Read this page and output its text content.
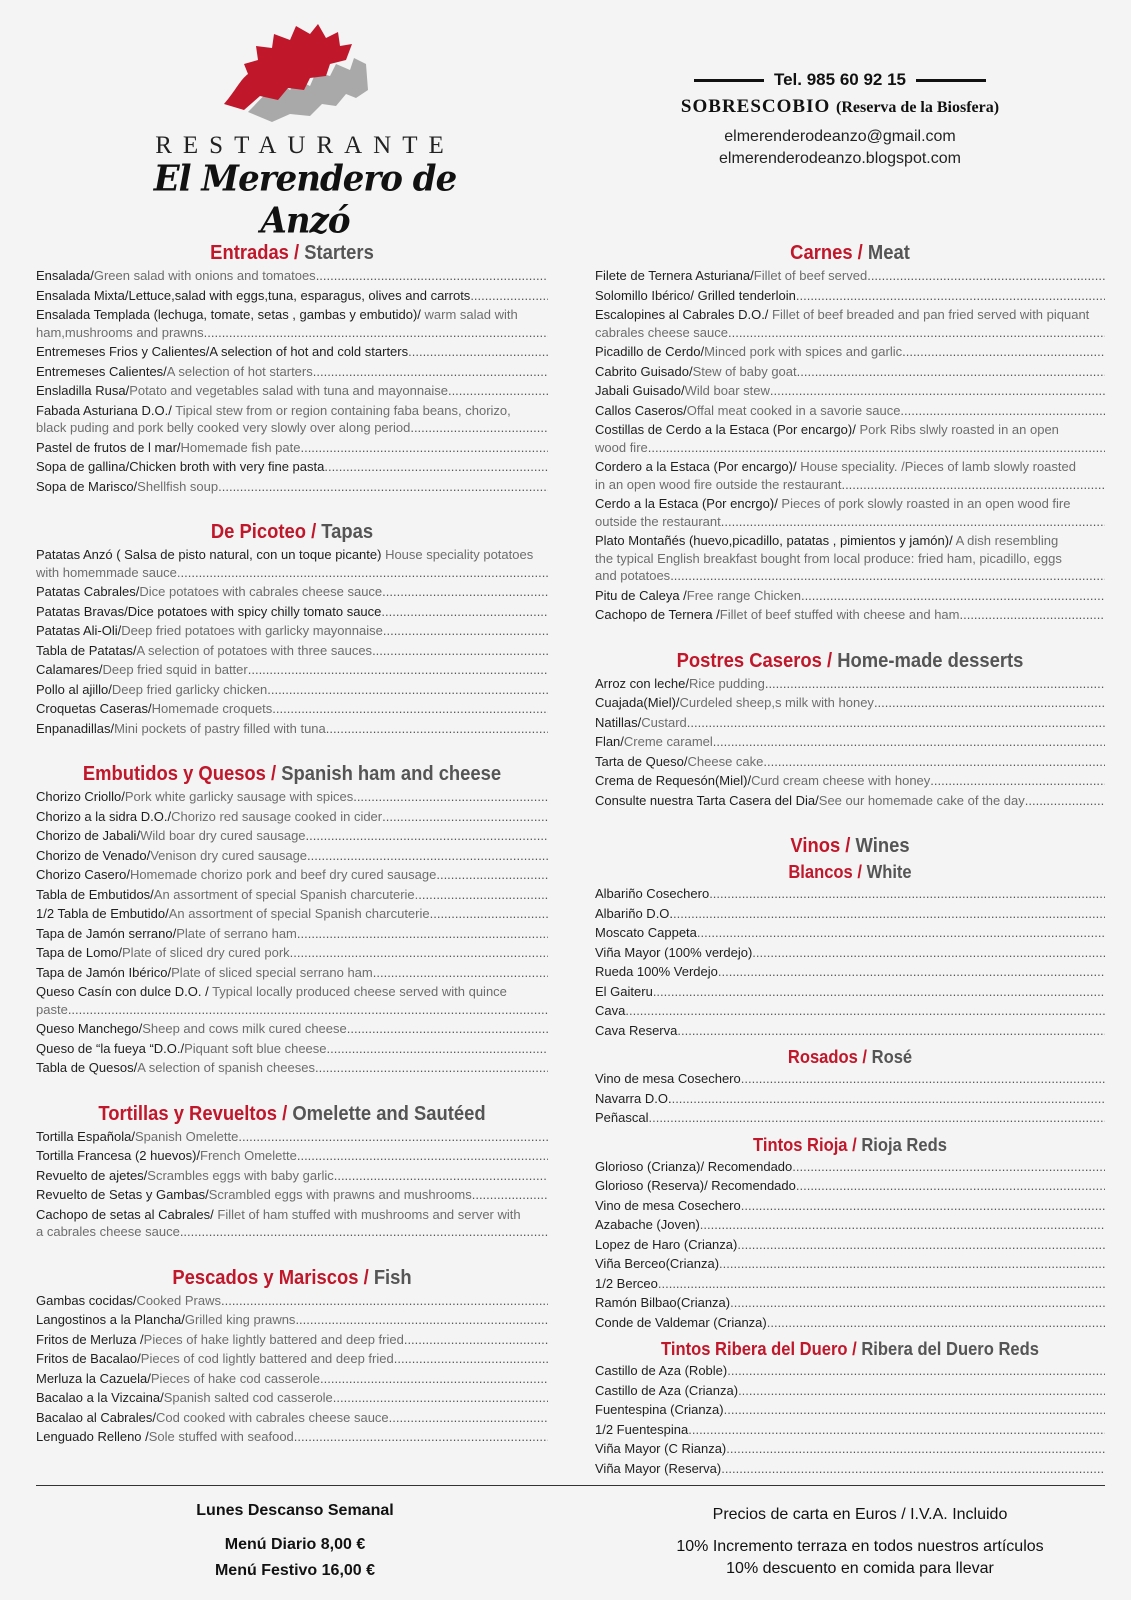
RESTAURANTE
El Merendero de Anzó
Tel. 985 60 92 15
SOBRESCOBIO (Reserva de la Biosfera)
elmerenderodeanzo@gmail.com
elmerenderodeanzo.blogspot.com
Entradas / Starters
Ensalada/ Green salad with onions and tomatoes
.....
Ensalada Mixta/Lettuce,salad with eggs,tuna, esparagus, olives and carrots
.....
Ensalada Templada (lechuga, tomate, setas , gambas y embutido)/ warm salad with
ham,mushrooms and prawns
.....
Entremeses Frios y Calientes/A selection of hot and cold starters
.....
Entremeses Calientes/ A selection of hot starters
.....
Ensladilla Rusa/ Potato and vegetables salad with tuna and mayonnaise
.....
Fabada Asturiana D.O./ Tipical stew from or region containing faba beans, chorizo,
black puding and pork belly cooked very slowly over along period
.....
Pastel de frutos de l mar/ Homemade fish pate
.....
Sopa de gallina/Chicken broth with very fine pasta
.....
Sopa de Marisco/ Shellfish soup
.....
De Picoteo / Tapas
Patatas Anzó ( Salsa de pisto natural, con un toque picante) House speciality potatoes
with homemmade sauce.
.....
Patatas Cabrales/ Dice potatoes with cabrales cheese sauce
.....
Patatas Bravas/Dice potatoes with spicy chilly tomato sauce
.....
Patatas Ali-Oli/ Deep fried potatoes with garlicky mayonnaise
.....
Tabla de Patatas/ A selection of potatoes with three sauces
.....
Calamares/ Deep fried squid in batter
.....
Pollo al ajillo/ Deep fried garlicky chicken
.....
Croquetas Caseras/ Homemade croquets
.....
Enpanadillas/ Mini pockets of pastry filled with tuna
.....
Embutidos y Quesos / Spanish ham and cheese
Chorizo Criollo/ Pork white garlicky sausage with spices
.....
Chorizo a la sidra D.O./ Chorizo red sausage cooked in cider
.....
Chorizo de Jabali/ Wild boar dry cured sausage
.....
Chorizo de Venado/ Venison dry cured sausage
.....
Chorizo Casero/ Homemade chorizo pork and beef dry cured sausage
.....
Tabla de Embutidos/ An assortment of special Spanish charcuterie.
.....
1/2 Tabla de Embutido/ An assortment of special Spanish charcuterie
.....
Tapa de Jamón serrano/ Plate of serrano ham
.....
Tapa de Lomo/ Plate of sliced dry cured pork
.....
Tapa de Jamón Ibérico/ Plate of sliced special serrano ham
.....
Queso Casín con dulce D.O. / Typical locally produced cheese served with quince
paste
.....
Queso Manchego/ Sheep and cows milk cured cheese
.....
Queso de “la fueya “D.O./ Piquant soft blue cheese
.....
Tabla de Quesos/ A selection of spanish cheeses
.....
Tortillas y Revueltos / Omelette and Sautéed
Tortilla Española/ Spanish Omelette
.....
Tortilla Francesa (2 huevos)/ French Omelette
.....
Revuelto de ajetes/ Scrambles eggs with baby garlic
.....
Revuelto de Setas y Gambas/ Scrambled eggs with prawns and mushrooms
.....
Cachopo de setas al Cabrales/ Fillet of ham stuffed with mushrooms and server with
a cabrales cheese sauce
.....
Pescados y Mariscos / Fish
Gambas cocidas/ Cooked Praws
.....
Langostinos a la Plancha/ Grilled king prawns
.....
Fritos de Merluza / Pieces of hake lightly battered and deep fried
.....
Fritos de Bacalao/ Pieces of cod lightly battered and deep fried
.....
Merluza la Cazuela/ Pieces of hake cod casserole
.....
Bacalao a la Vizcaina/ Spanish salted cod casserole
.....
Bacalao al Cabrales/ Cod cooked with cabrales cheese sauce
.....
Lenguado Relleno / Sole stuffed with seafood
.....
Carnes / Meat
Filete de Ternera Asturiana/ Fillet of beef served
.....
Solomillo Ibérico/ Grilled tenderloin
.....
Escalopines al Cabrales D.O./ Fillet of beef breaded and pan fried served with piquant
cabrales cheese sauce
.....
Picadillo de Cerdo/ Minced pork with spices and garlic
.....
Cabrito Guisado/ Stew of baby goat
.....
Jabali Guisado/ Wild boar stew
.....
Callos Caseros/ Offal meat cooked in a savorie sauce
.....
Costillas de Cerdo a la Estaca (Por encargo)/ Pork Ribs slwly roasted in an open
wood fire
.....
Cordero a la Estaca (Por encargo)/ House speciality. /Pieces of lamb slowly roasted
in an open wood fire outside the restaurant
.....
Cerdo a la Estaca (Por encrgo)/ Pieces of pork slowly roasted in an open wood fire
outside the restaurant
.....
Plato Montañés (huevo,picadillo, patatas , pimientos y jamón)/ A dish resembling
the typical English breakfast bought from local produce: fried ham, picadillo, eggs
and potatoes
.....
Pitu de Caleya / Free range Chicken
.....
Cachopo de Ternera / Fillet of beef stuffed with cheese and ham
.....
Postres Caseros / Home-made desserts
Arroz con leche/ Rice pudding
.....
Cuajada(Miel)/ Curdeled sheep,s milk with honey
.....
Natillas/ Custard
.....
Flan/ Creme caramel
.....
Tarta de Queso/ Cheese cake
.....
Crema de Requesón(Miel)/ Curd cream cheese with honey
.....
Consulte nuestra Tarta Casera del Dia/ See our homemade cake of the day
.....
Vinos / Wines
Blancos / White
Albariño Cosechero
.....
Albariño D.O.
.....
Moscato Cappeta
.....
Viña Mayor (100% verdejo)
.....
Rueda 100% Verdejo
.....
El Gaiteru
.....
Cava
.....
Cava Reserva
.....
Rosados / Rosé
Vino de mesa Cosechero
.....
Navarra D.O.
.....
Peñascal
.....
Tintos Rioja / Rioja Reds
Glorioso (Crianza)/ Recomendado
.....
Glorioso (Reserva)/ Recomendado
.....
Vino de mesa Cosechero
.....
Azabache (Joven)
.....
Lopez de Haro (Crianza)
.....
Viña Berceo(Crianza)
.....
1/2 Berceo
.....
Ramón Bilbao(Crianza)
.....
Conde de Valdemar (Crianza)
.....
Tintos Ribera del Duero / Ribera del Duero Reds
Castillo de Aza (Roble)
.....
Castillo de Aza (Crianza)
.....
Fuentespina (Crianza)
.....
1/2 Fuentespina
.....
Viña Mayor (C Rianza)
.....
Viña Mayor (Reserva)
.....
Lunes Descanso Semanal
Menú Diario 8,00 €
Menú Festivo 16,00 €
Precios de carta en Euros / I.V.A. Incluido
10% Incremento terraza en todos nuestros artículos
10% descuento en comida para llevar
